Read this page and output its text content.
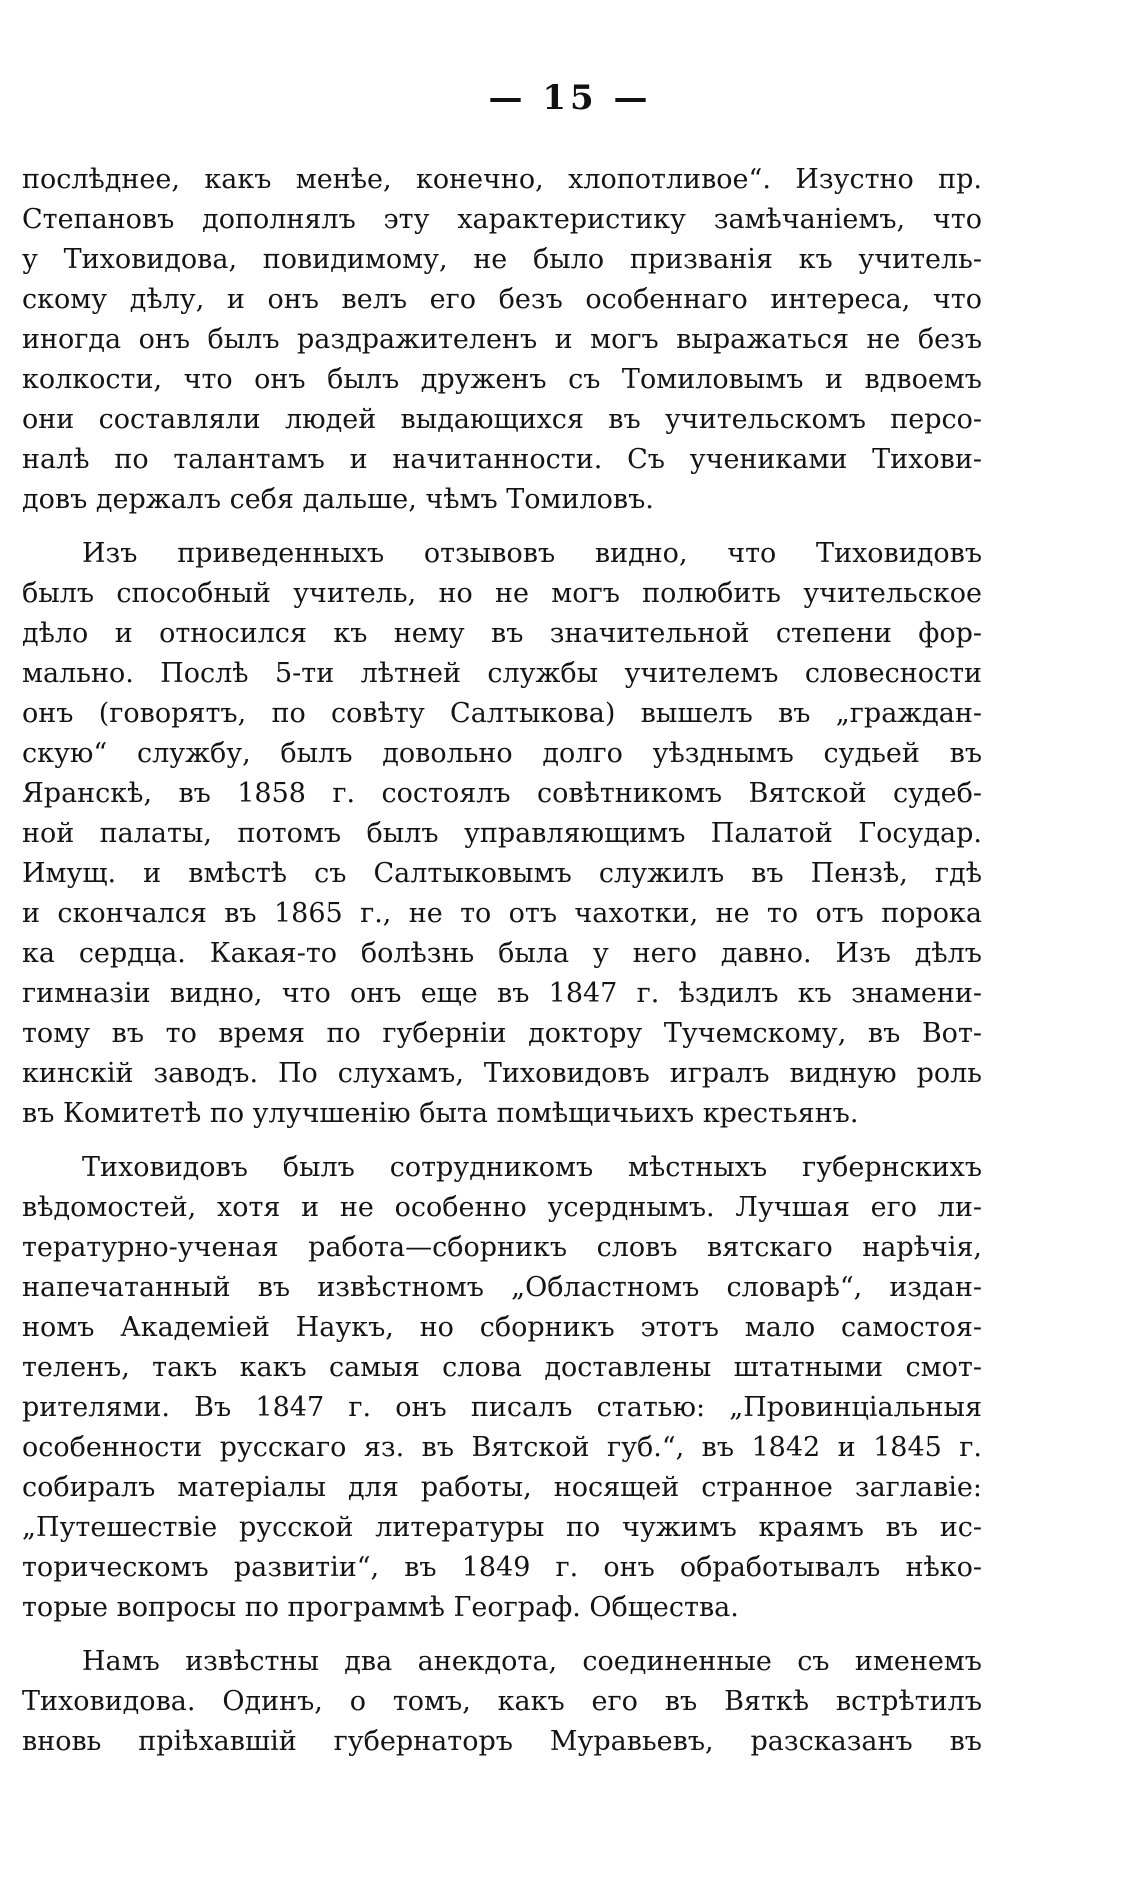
— 15 —
послѣднее, какъ менѣе, конечно, хлопотливое“. Изустно пр.
Степановъ дополнялъ эту характеристику замѣчаніемъ, что
у Тиховидова, повидимому, не было призванія къ учитель-
скому дѣлу, и онъ велъ его безъ особеннаго интереса, что
иногда онъ былъ раздражителенъ и могъ выражаться не безъ
колкости, что онъ былъ друженъ съ Томиловымъ и вдвоемъ
они составляли людей выдающихся въ учительскомъ персо-
налѣ по талантамъ и начитанности. Съ учениками Тихови-
довъ держалъ себя дальше, чѣмъ Томиловъ.
Изъ приведенныхъ отзывовъ видно, что Тиховидовъ
былъ способный учитель, но не могъ полюбить учительское
дѣло и относился къ нему въ значительной степени фор-
мально. Послѣ 5-ти лѣтней службы учителемъ словесности
онъ (говорятъ, по совѣту Салтыкова) вышелъ въ „граждан-
скую“ службу, былъ довольно долго уѣзднымъ судьей въ
Яранскѣ, въ 1858 г. состоялъ совѣтникомъ Вятской судеб-
ной палаты, потомъ былъ управляющимъ Палатой Государ.
Имущ. и вмѣстѣ съ Салтыковымъ служилъ въ Пензѣ, гдѣ
и скончался въ 1865 г., не то отъ чахотки, не то отъ порока
ка сердца. Какая-то болѣзнь была у него давно. Изъ дѣлъ
гимназіи видно, что онъ еще въ 1847 г. ѣздилъ къ знамени-
тому въ то время по губерніи доктору Тучемскому, въ Вот-
кинскій заводъ. По слухамъ, Тиховидовъ игралъ видную роль
въ Комитетѣ по улучшенію быта помѣщичьихъ крестьянъ.
Тиховидовъ былъ сотрудникомъ мѣстныхъ губернскихъ
вѣдомостей, хотя и не особенно усерднымъ. Лучшая его ли-
тературно-ученая работа—сборникъ словъ вятскаго нарѣчія,
напечатанный въ извѣстномъ „Областномъ словарѣ“, издан-
номъ Академіей Наукъ, но сборникъ этотъ мало самостоя-
теленъ, такъ какъ самыя слова доставлены штатными смот-
рителями. Въ 1847 г. онъ писалъ статью: „Провинціальныя
особенности русскаго яз. въ Вятской губ.“, въ 1842 и 1845 г.
собиралъ матеріалы для работы, носящей странное заглавіе:
„Путешествіе русской литературы по чужимъ краямъ въ ис-
торическомъ развитіи“, въ 1849 г. онъ обработывалъ нѣко-
торые вопросы по программѣ Географ. Общества.
Намъ извѣстны два анекдота, соединенные съ именемъ
Тиховидова. Одинъ, о томъ, какъ его въ Вяткѣ встрѣтилъ
вновь пріѣхавшій губернаторъ Муравьевъ, разсказанъ въ
